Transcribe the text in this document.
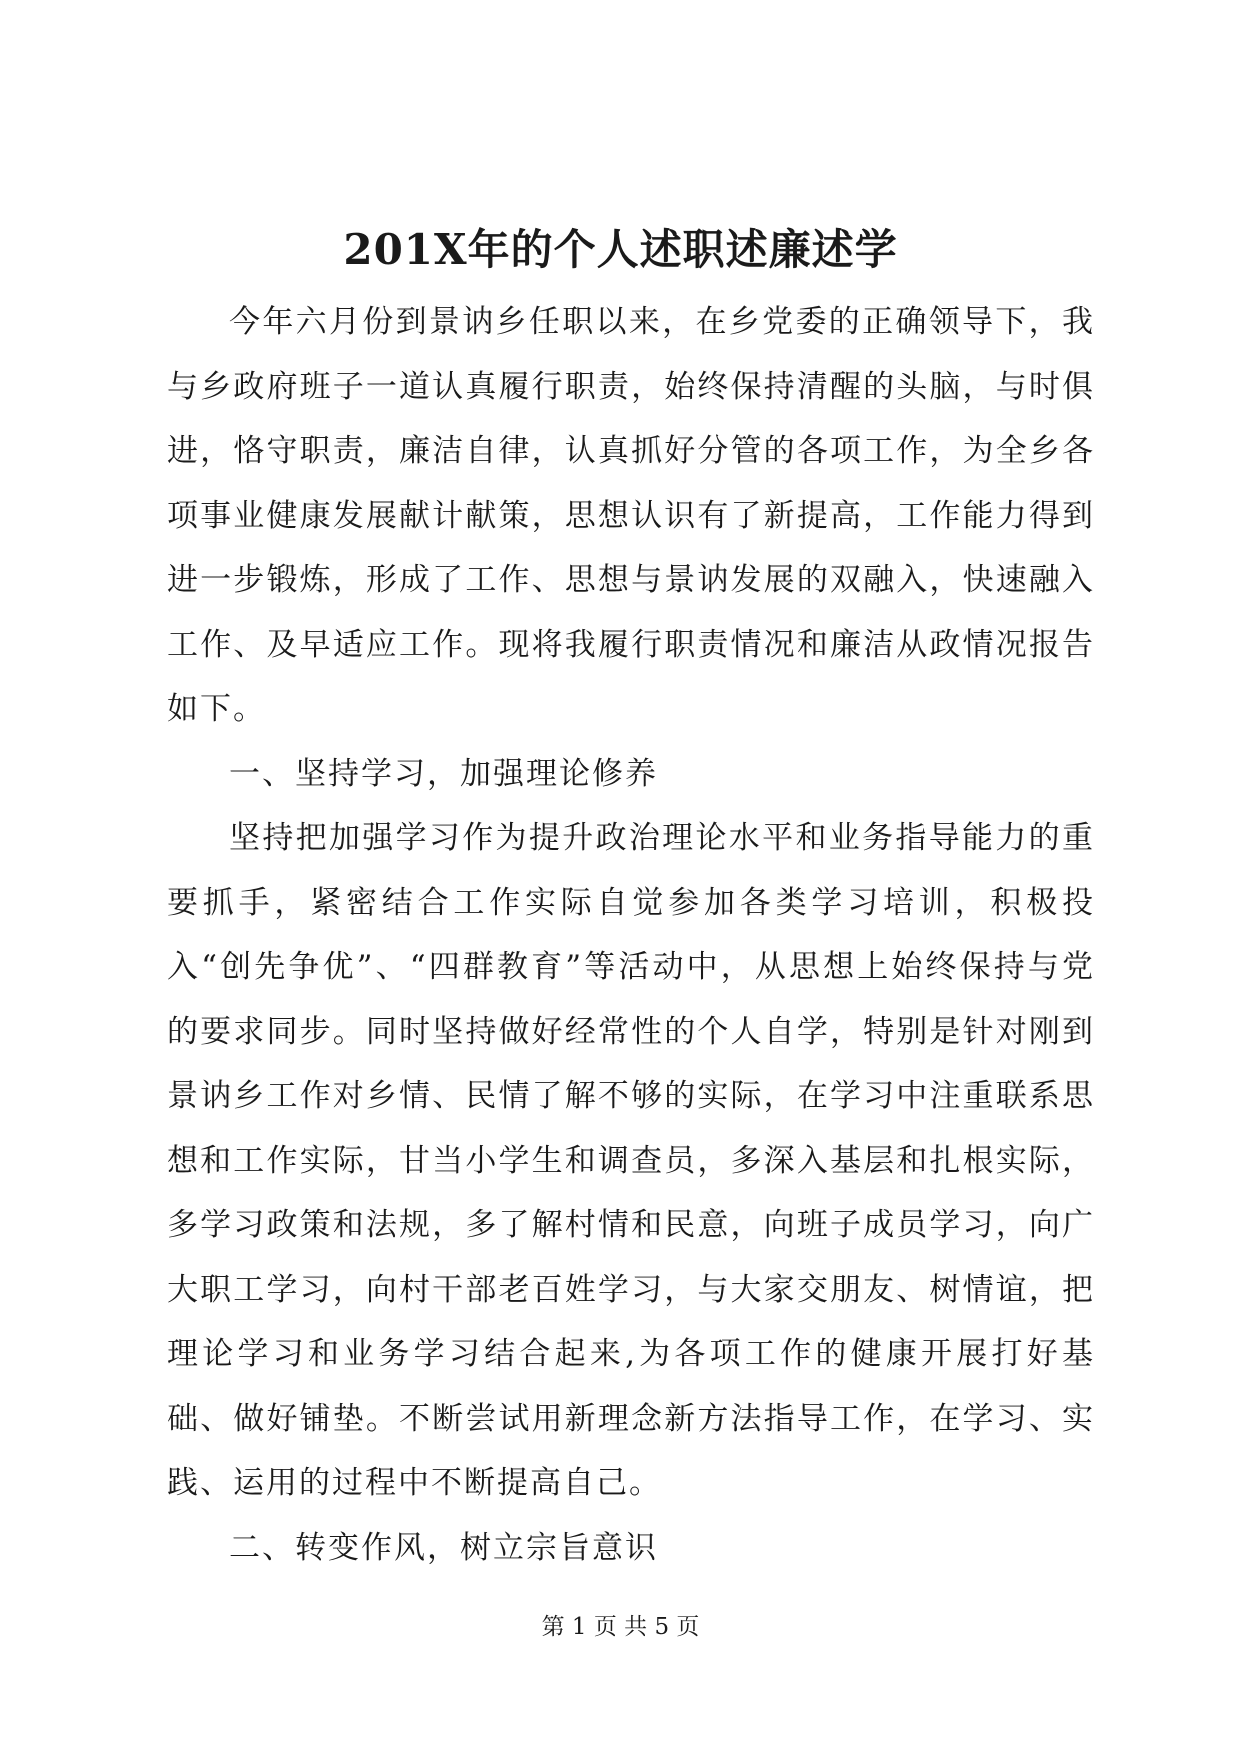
201X年的个人述职述廉述学

今年六月份到景讷乡任职以来，在乡党委的正确领导下，我与乡政府班子一道认真履行职责，始终保持清醒的头脑，与时俱进，恪守职责，廉洁自律，认真抓好分管的各项工作，为全乡各项事业健康发展献计献策，思想认识有了新提高，工作能力得到进一步锻炼，形成了工作、思想与景讷发展的双融入，快速融入工作、及早适应工作。现将我履行职责情况和廉洁从政情况报告如下。

一、坚持学习，加强理论修养

坚持把加强学习作为提升政治理论水平和业务指导能力的重要抓手，紧密结合工作实际自觉参加各类学习培训，积极投入“创先争优”、“四群教育”等活动中，从思想上始终保持与党的要求同步。同时坚持做好经常性的个人自学，特别是针对刚到景讷乡工作对乡情、民情了解不够的实际，在学习中注重联系思想和工作实际，甘当小学生和调查员，多深入基层和扎根实际，多学习政策和法规，多了解村情和民意，向班子成员学习，向广大职工学习，向村干部老百姓学习，与大家交朋友、树情谊，把理论学习和业务学习结合起来,为各项工作的健康开展打好基础、做好铺垫。不断尝试用新理念新方法指导工作，在学习、实践、运用的过程中不断提高自己。

二、转变作风，树立宗旨意识

第 1 页 共 5 页
